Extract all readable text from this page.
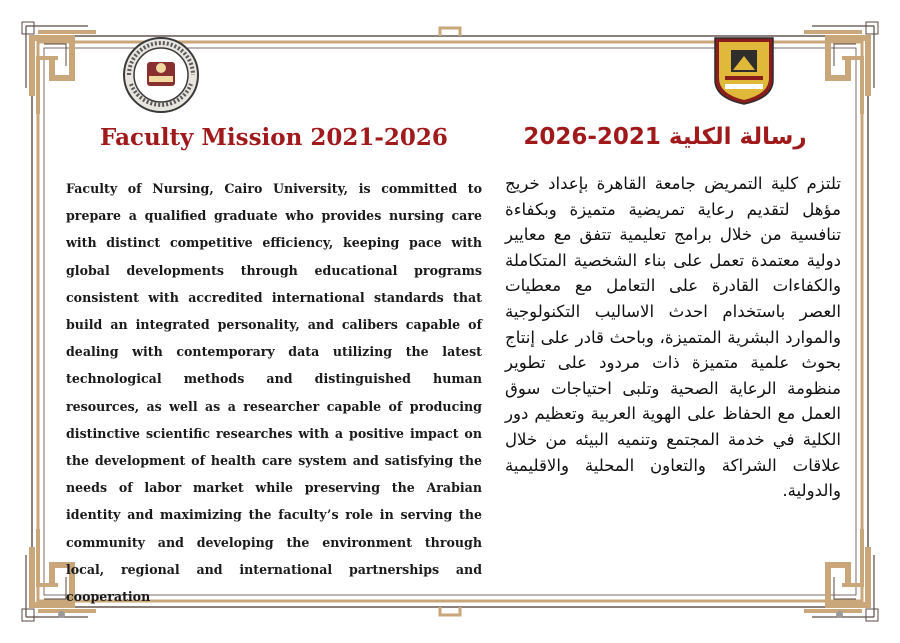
Faculty Mission 2021-2026	رسالة الكلية 2021-2026

Faculty of Nursing, Cairo University, is committed to prepare a qualified graduate who provides nursing care with distinct competitive efficiency, keeping pace with global developments through educational programs consistent with accredited international standards that build an integrated personality, and calibers capable of dealing with contemporary data utilizing the latest technological methods and distinguished human resources, as well as a researcher capable of producing distinctive scientific researches with a positive impact on the development of health care system and satisfying the needs of labor market while preserving the Arabian identity and maximizing the faculty’s role in serving the community and developing the environment through local, regional and international partnerships and cooperation

تلتزم كلية التمريض جامعة القاهرة بإعداد خريج مؤهل لتقديم رعاية تمريضية متميزة وبكفاءة تنافسية من خلال برامج تعليمية تتفق مع معايير دولية معتمدة تعمل على بناء الشخصية المتكاملة والكفاءات القادرة على التعامل مع معطيات العصر باستخدام احدث الاساليب التكنولوجية والموارد البشرية المتميزة، وباحث قادر على إنتاج بحوث علمية متميزة ذات مردود على تطوير منظومة الرعاية الصحية وتلبى احتياجات سوق العمل مع الحفاظ على الهوية العربية وتعظيم دور الكلية في خدمة المجتمع وتنميه البيئه من خلال علاقات الشراكة والتعاون المحلية والاقليمية والدولية.
